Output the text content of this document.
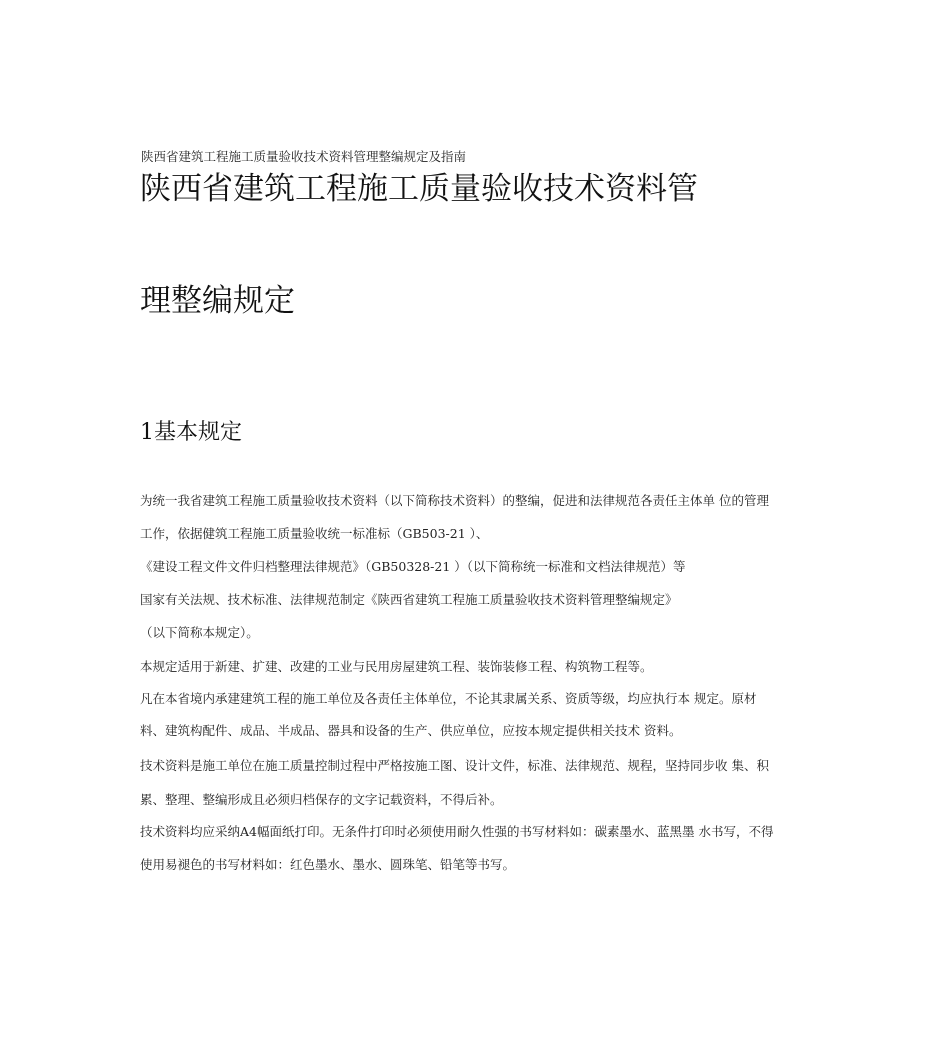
陕西省建筑工程施工质量验收技术资料管理整编规定及指南
陕西省建筑工程施工质量验收技术资料管
理整编规定
1基本规定
为统一我省建筑工程施工质量验收技术资料（以下简称技术资料）的整编，促进和法律规范各责任主体单 位的管理
工作，依据健筑工程施工质量验收统一标准标（GB503-21 ）、
《建设工程文件文件归档整理法律规范》（GB50328-21 ）（以下简称统一标准和文档法律规范）等
国家有关法规、技术标准、法律规范制定《陕西省建筑工程施工质量验收技术资料管理整编规定》
（以下简称本规定）。
本规定适用于新建、扩建、改建的工业与民用房屋建筑工程、装饰装修工程、构筑物工程等。
凡在本省境内承建建筑工程的施工单位及各责任主体单位，不论其隶属关系、资质等级，均应执行本 规定。原材
料、建筑构配件、成品、半成品、器具和设备的生产、供应单位，应按本规定提供相关技术 资料。
技术资料是施工单位在施工质量控制过程中严格按施工图、设计文件，标准、法律规范、规程，坚持同步收 集、积
累、整理、整编形成且必须归档保存的文字记载资料，不得后补。
技术资料均应采纳A4幅面纸打印。无条件打印时必须使用耐久性强的书写材料如：碳素墨水、蓝黑墨 水书写，不得
使用易褪色的书写材料如：红色墨水、墨水、圆珠笔、铅笔等书写。
